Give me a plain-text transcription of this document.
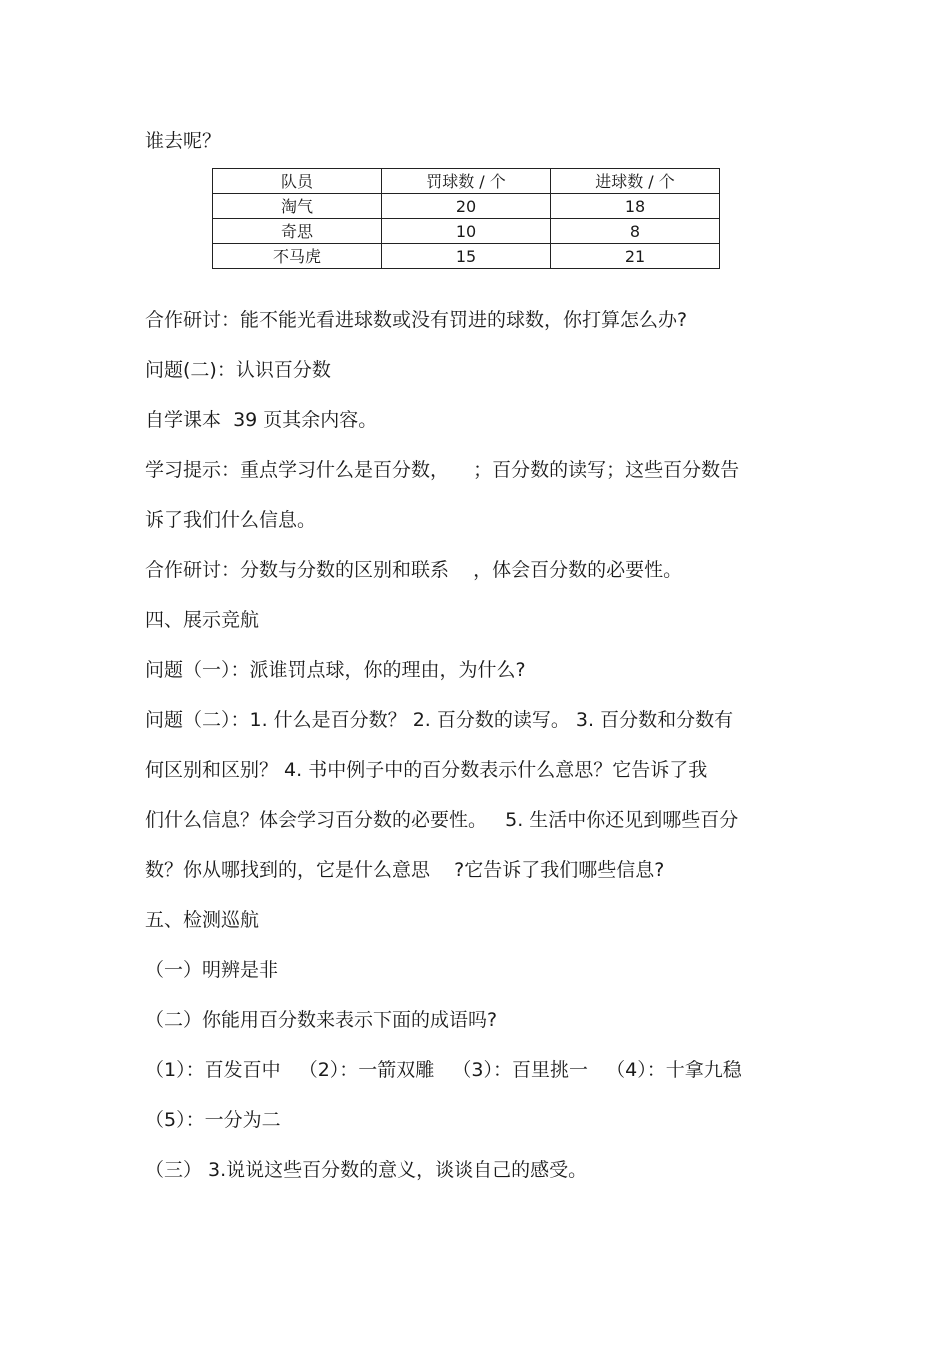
谁去呢？
队员	罚球数 / 个	进球数 / 个
淘气	20	18
奇思	10	8
不马虎	15	21
合作研讨：能不能光看进球数或没有罚进的球数，你打算怎么办?
问题(二)：认识百分数
自学课本  39 页其余内容。
学习提示：重点学习什么是百分数，    ；百分数的读写；这些百分数告
诉了我们什么信息。
合作研讨：分数与分数的区别和联系    ，体会百分数的必要性。
四、展示竞航
问题（一）：派谁罚点球，你的理由，为什么?
问题（二）：1. 什么是百分数？ 2. 百分数的读写。 3. 百分数和分数有
何区别和区别？ 4. 书中例子中的百分数表示什么意思？它告诉了我
们什么信息？体会学习百分数的必要性。   5. 生活中你还见到哪些百分
数？你从哪找到的，它是什么意思    ?它告诉了我们哪些信息?
五、检测巡航
（一）明辨是非
（二）你能用百分数来表示下面的成语吗?
（1）：百发百中   （2）：一箭双雕   （3）：百里挑一   （4）：十拿九稳
（5）：一分为二
（三） 3.说说这些百分数的意义，谈谈自己的感受。
